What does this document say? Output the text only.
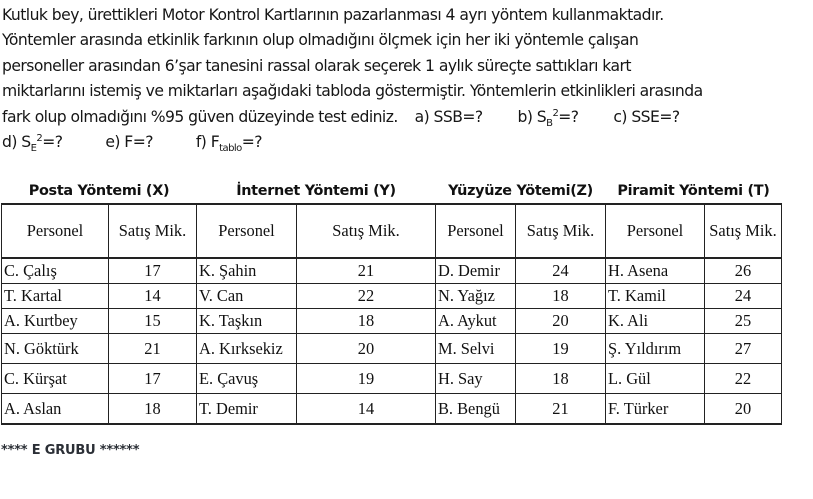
Kutluk bey, ürettikleri Motor Kontrol Kartlarının pazarlanması 4 ayrı yöntem kullanmaktadır.
Yöntemler arasında etkinlik farkının olup olmadığını ölçmek için her iki yöntemle çalışan
personeller arasından 6’şar tanesini rassal olarak seçerek 1 aylık süreçte sattıkları kart
miktarlarını istemiş ve miktarları aşağıdaki tabloda göstermiştir. Yöntemlerin etkinlikleri arasında
fark olup olmadığını %95 güven düzeyinde test ediniz. a) SSB=? b) $S_B^2=$? c) SSE=?
d) $S_E^2=$?	e) F=?	f) $F_{tablo}=$?
Posta Yöntemi (X)		İnternet Yöntemi (Y)		Yüzyüze Yötemi(Z)		Piramit Yöntemi (T)	
Personel	Satış Mik.	Personel	Satış Mik.	Personel	Satış Mik.	Personel	Satış Mik.
C. Çalış	17	K. Şahin	21	D. Demir	24	H. Asena	26
T. Kartal	14	V. Can	22	N. Yağız	18	T. Kamil	24
A. Kurtbey	15	K. Taşkın	18	A. Aykut	20	K. Ali	25
N. Göktürk	21	A. Kırksekiz	20	M. Selvi	19	Ş. Yıldırım	27
C. Kürşat	17	E. Çavuş	19	H. Say	18	L. Gül	22
A. Aslan	18	T. Demir	14	B. Bengü	21	F. Türker	20
**** E GRUBU ******
